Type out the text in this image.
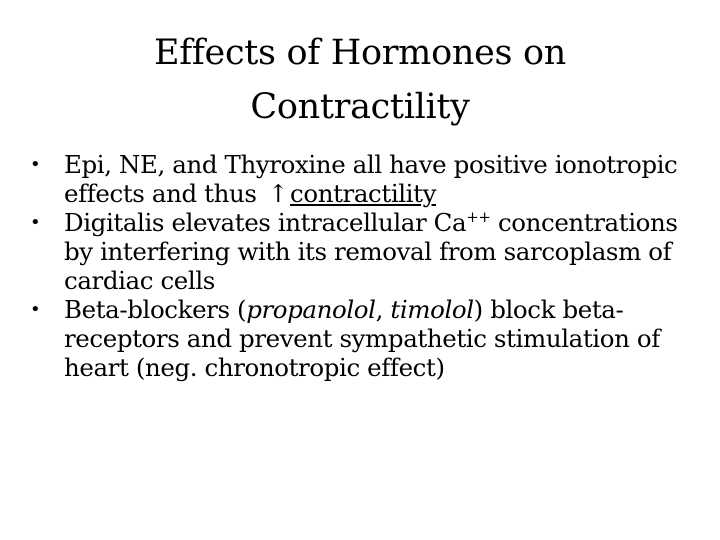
Effects of Hormones on
Contractility
• Epi, NE, and Thyroxine all have positive ionotropic effects and thus ↑contractility
• Digitalis elevates intracellular Ca++ concentrations by interfering with its removal from sarcoplasm of cardiac cells
• Beta-blockers (propanolol, timolol) block beta-receptors and prevent sympathetic stimulation of heart (neg. chronotropic effect)
